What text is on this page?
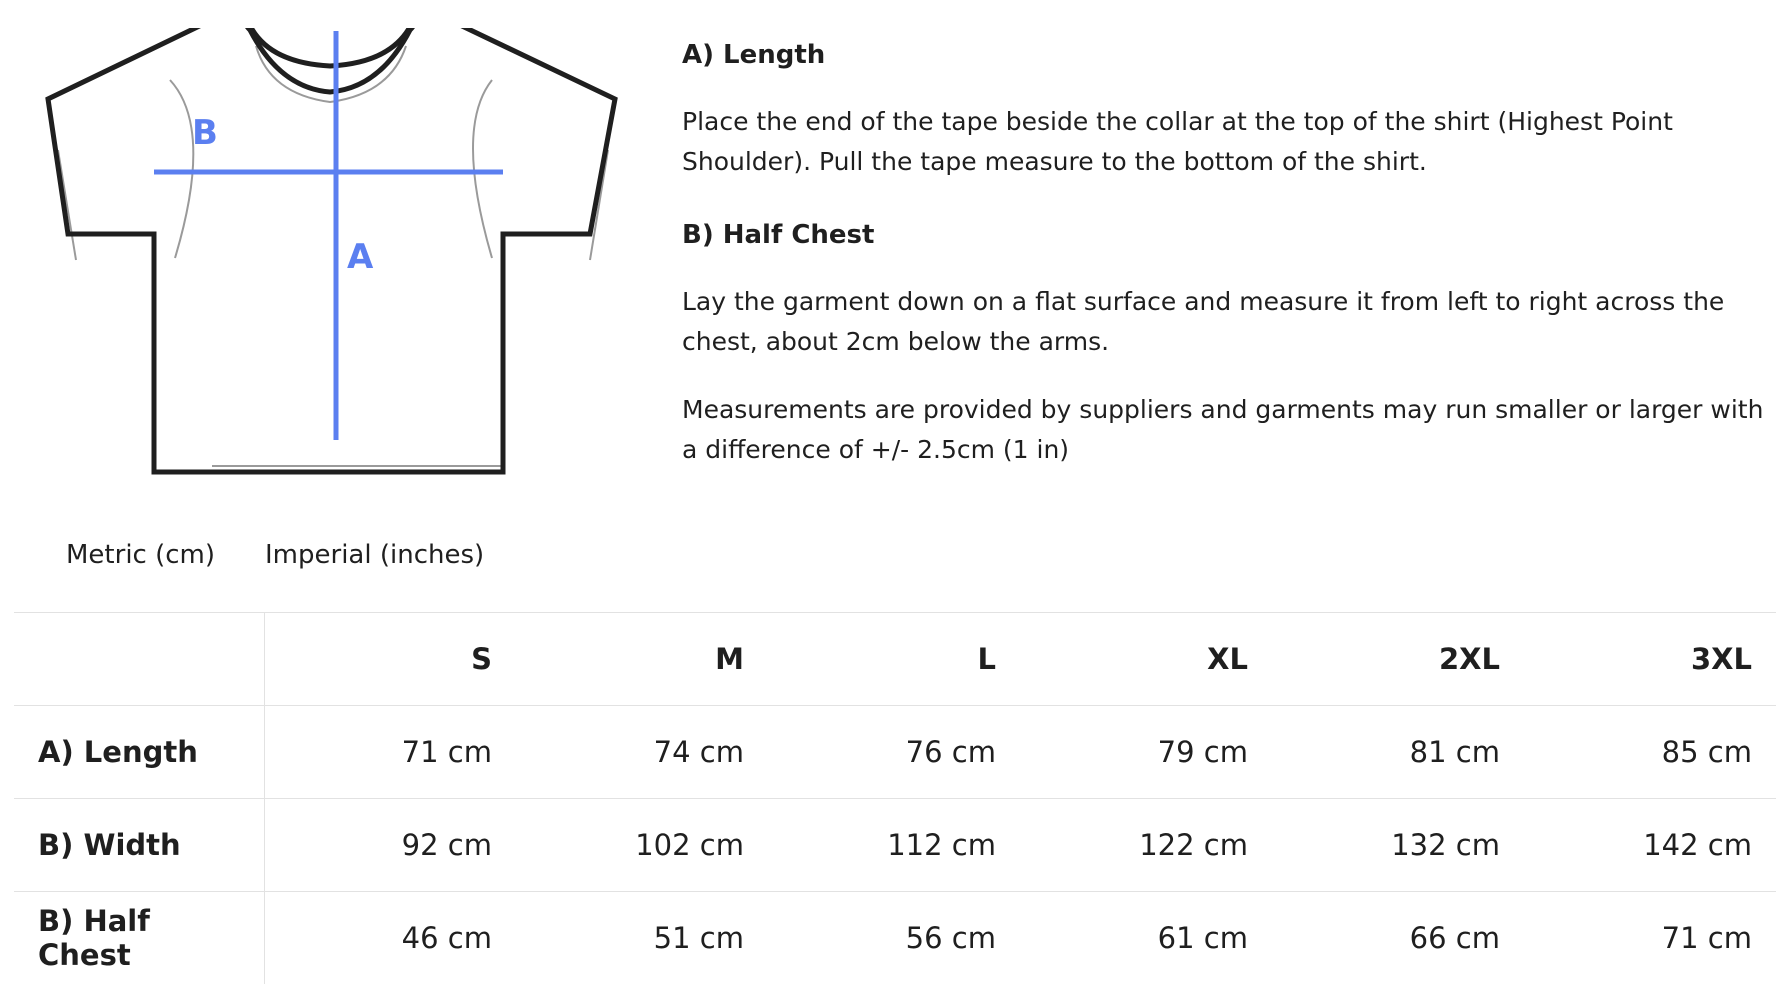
B
A
A) Length

Place the end of the tape beside the collar at the top of the shirt (Highest Point Shoulder). Pull the tape measure to the bottom of the shirt.

B) Half Chest

Lay the garment down on a flat surface and measure it from left to right across the chest, about 2cm below the arms.

Measurements are provided by suppliers and garments may run smaller or larger with a difference of +/- 2.5cm (1 in)

Metric (cm) Imperial (inches)
	S	M	L	XL	2XL	3XL
A) Length	71 cm	74 cm	76 cm	79 cm	81 cm	85 cm
B) Width	92 cm	102 cm	112 cm	122 cm	132 cm	142 cm
B) Half Chest	46 cm	51 cm	56 cm	61 cm	66 cm	71 cm
